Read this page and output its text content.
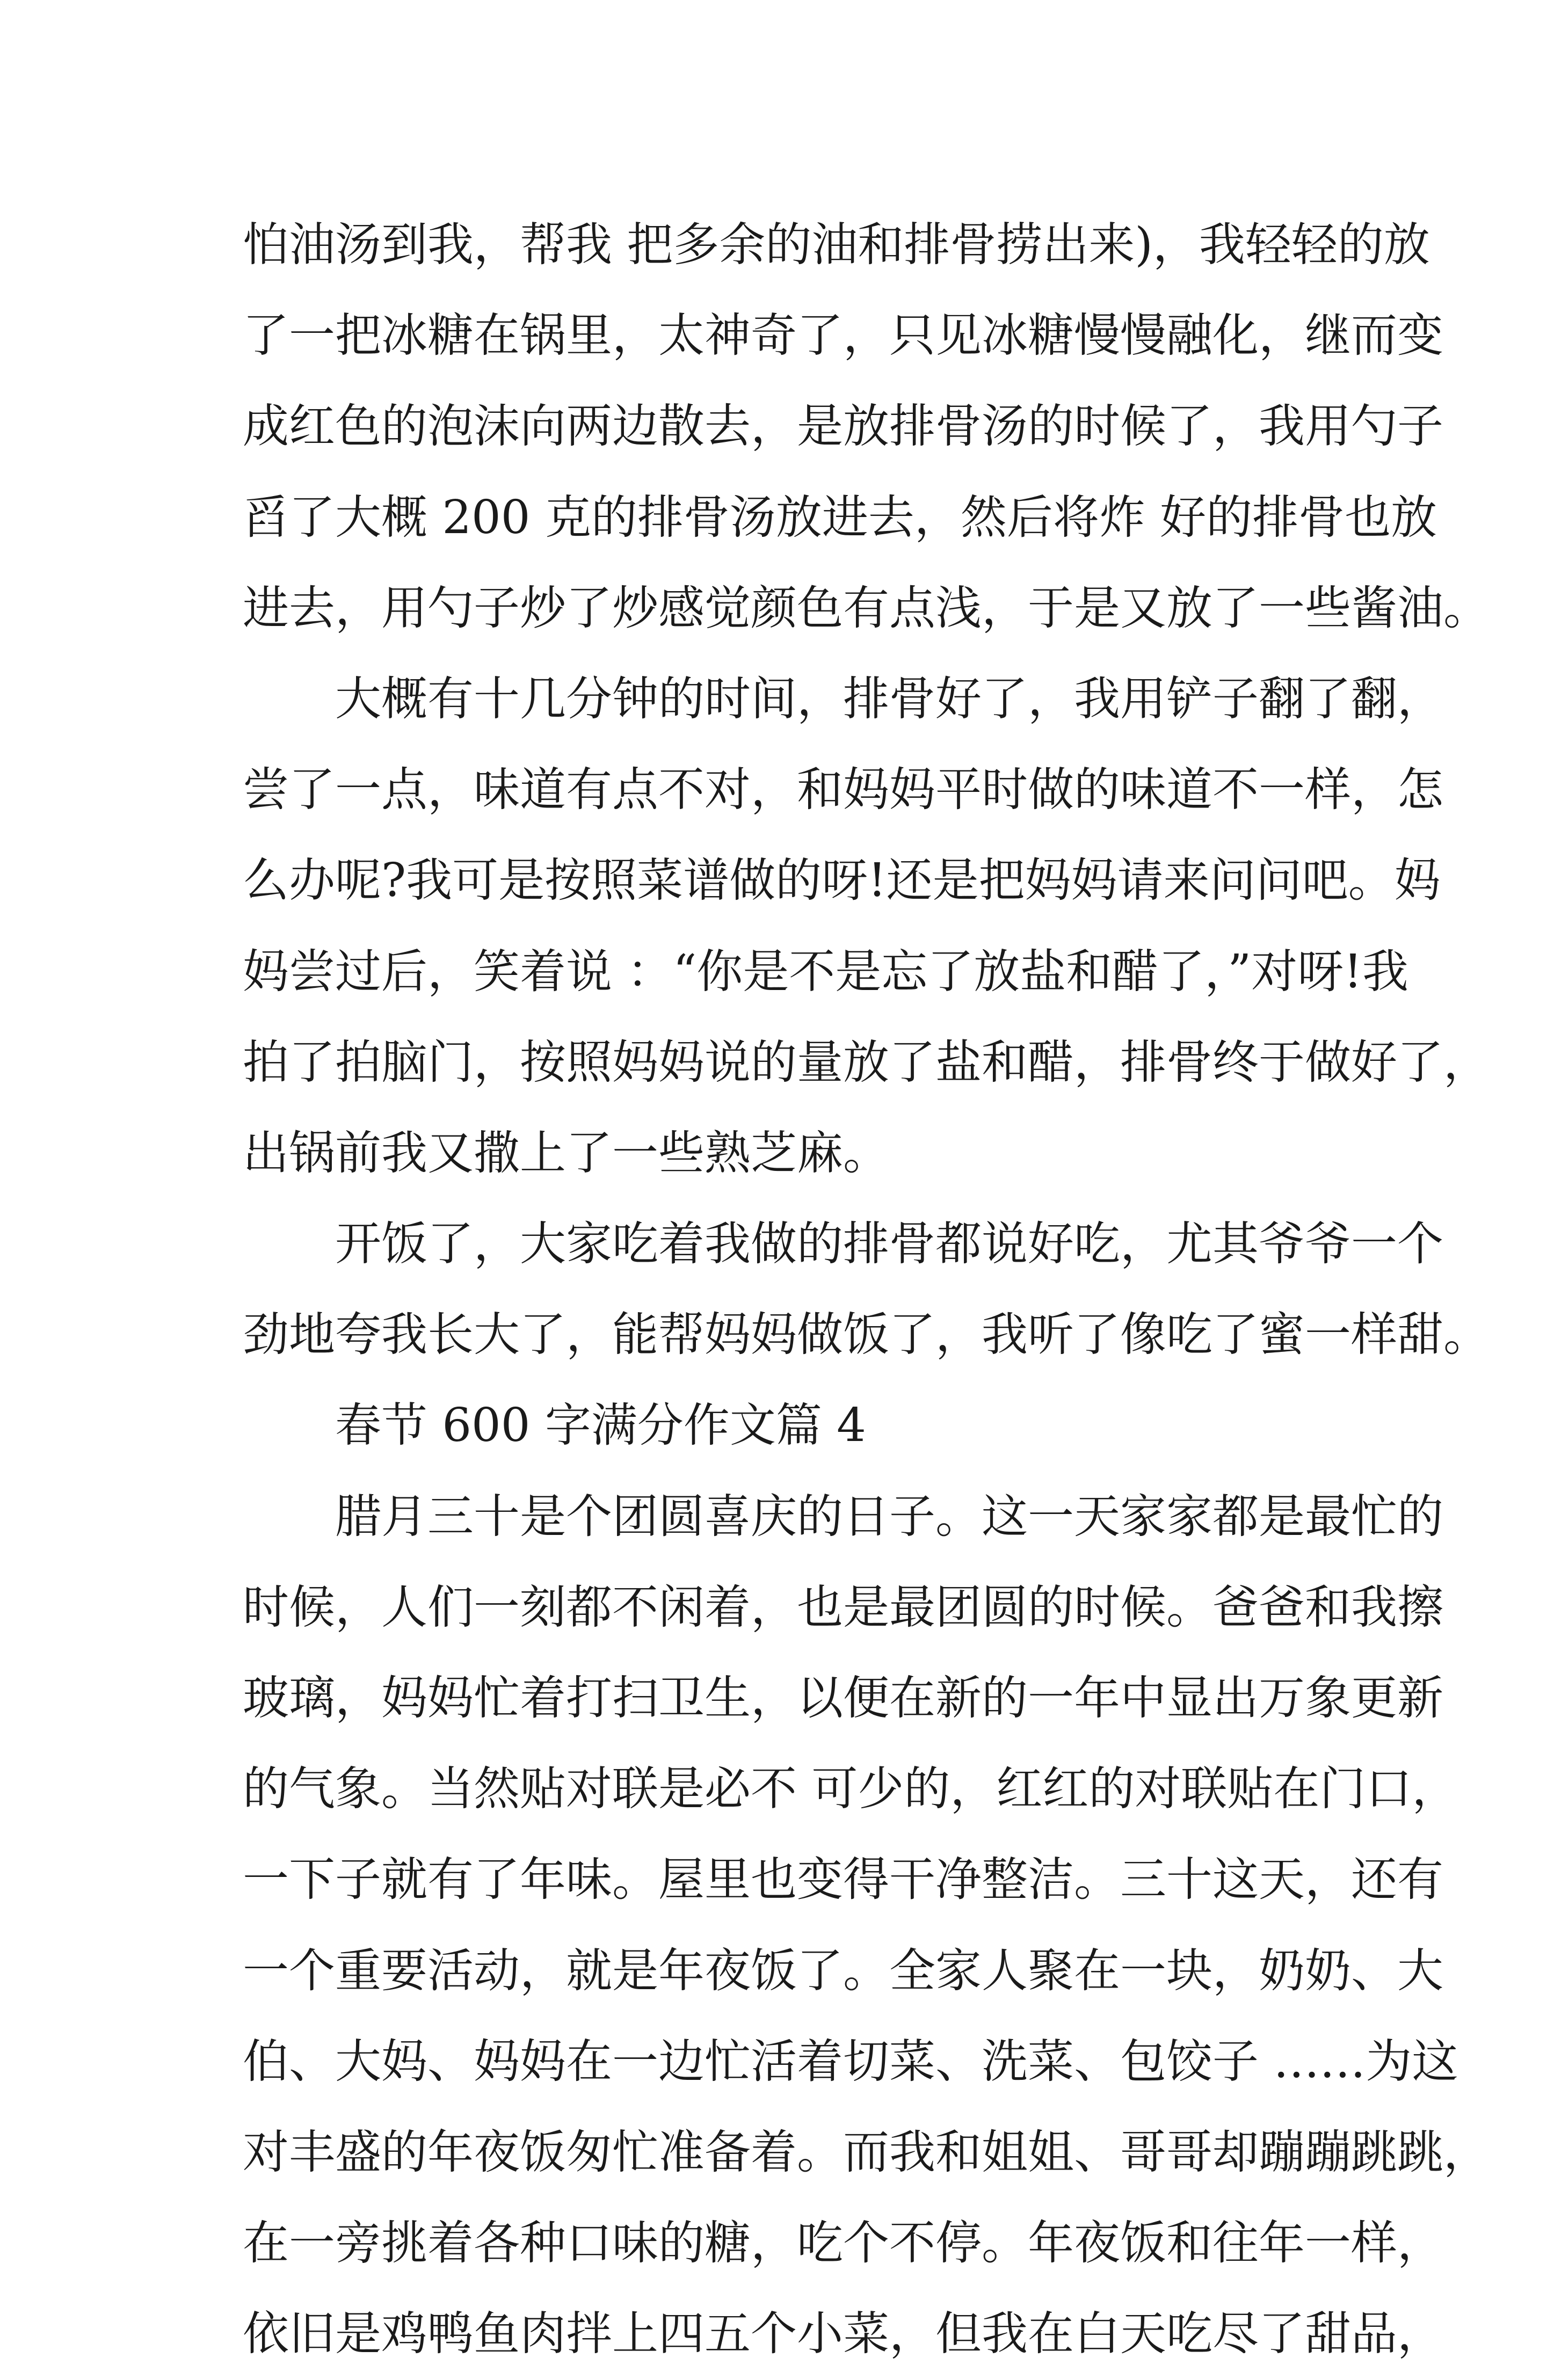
怕油汤到我，帮我 把多余的油和排骨捞出来)，我轻轻的放
了一把冰糖在锅里，太神奇了，只见冰糖慢慢融化，继而变
成红色的泡沫向两边散去，是放排骨汤的时候了，我用勺子
舀了大概 200 克的排骨汤放进去，然后将炸 好的排骨也放
进去，用勺子炒了炒感觉颜色有点浅，于是又放了一些酱油。
大概有十几分钟的时间，排骨好了，我用铲子翻了翻，
尝了一点，味道有点不对，和妈妈平时做的味道不一样，怎
么办呢?我可是按照菜谱做的呀!还是把妈妈请来问问吧。妈
妈尝过后，笑着说 ：“你是不是忘了放盐和醋了，”对呀!我
拍了拍脑门，按照妈妈说的量放了盐和醋，排骨终于做好了，
出锅前我又撒上了一些熟芝麻。
开饭了，大家吃着我做的排骨都说好吃，尤其爷爷一个
劲地夸我长大了，能帮妈妈做饭了，我听了像吃了蜜一样甜。
春节 600 字满分作文篇 4
腊月三十是个团圆喜庆的日子。这一天家家都是最忙的
时候，人们一刻都不闲着，也是最团圆的时候。爸爸和我擦
玻璃，妈妈忙着打扫卫生，以便在新的一年中显出万象更新
的气象。当然贴对联是必不 可少的，红红的对联贴在门口，
一下子就有了年味。屋里也变得干净整洁。三十这天，还有
一个重要活动，就是年夜饭了。全家人聚在一块，奶奶、大
伯、大妈、妈妈在一边忙活着切菜、洗菜、包饺子 ……为这
对丰盛的年夜饭匆忙准备着。而我和姐姐、哥哥却蹦蹦跳跳，
在一旁挑着各种口味的糖，吃个不停。年夜饭和往年一样，
依旧是鸡鸭鱼肉拌上四五个小菜，但我在白天吃尽了甜品，
